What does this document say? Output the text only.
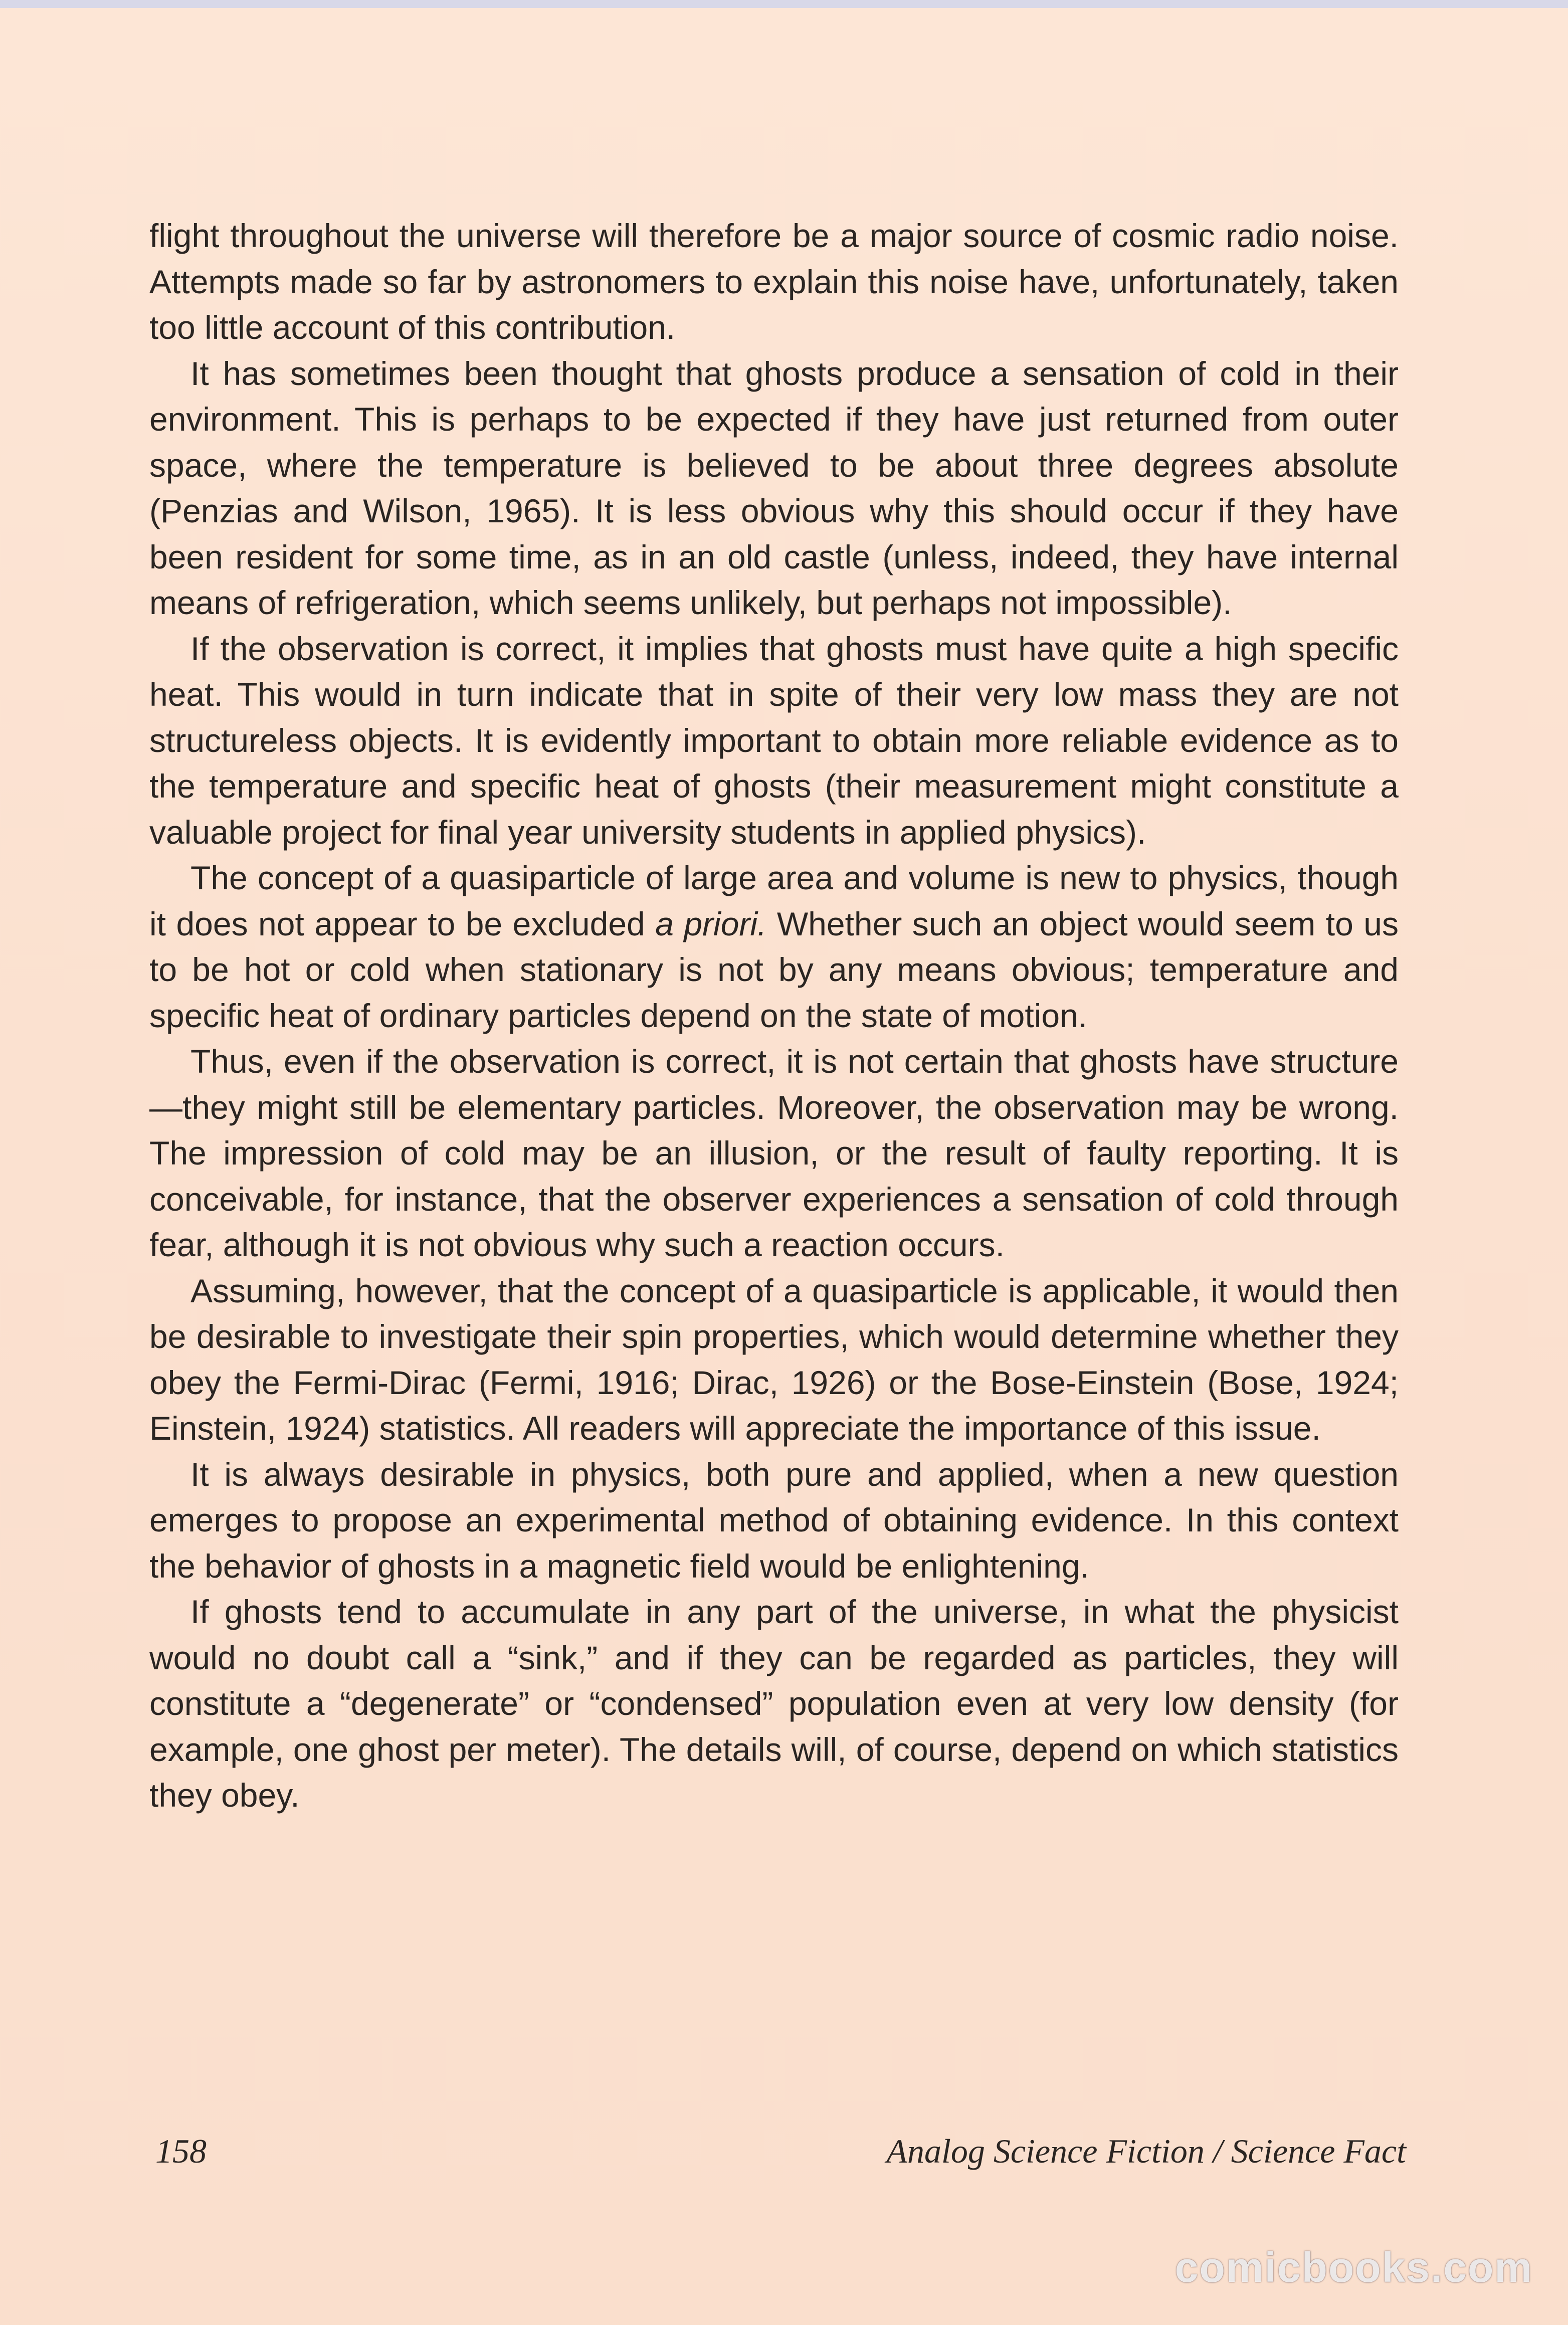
flight throughout the universe will therefore be a major source of cosmic radio noise. Attempts made so far by astronomers to explain this noise have, unfortunately, taken too little account of this contribution.

It has sometimes been thought that ghosts produce a sensation of cold in their environment. This is perhaps to be expected if they have just returned from outer space, where the temperature is believed to be about three degrees absolute (Penzias and Wilson, 1965). It is less obvious why this should occur if they have been resident for some time, as in an old castle (unless, indeed, they have internal means of refrigeration, which seems unlikely, but perhaps not impossible).

If the observation is correct, it implies that ghosts must have quite a high specific heat. This would in turn indicate that in spite of their very low mass they are not structureless objects. It is evidently important to obtain more reliable evidence as to the temperature and specific heat of ghosts (their measurement might constitute a valuable project for final year university students in applied physics).

The concept of a quasiparticle of large area and volume is new to physics, though it does not appear to be excluded a priori. Whether such an object would seem to us to be hot or cold when stationary is not by any means obvious; temperature and specific heat of ordinary particles depend on the state of motion.

Thus, even if the observation is correct, it is not certain that ghosts have structure—they might still be elementary particles. Moreover, the observation may be wrong. The impression of cold may be an illusion, or the result of faulty reporting. It is conceivable, for instance, that the observer experiences a sensation of cold through fear, although it is not obvious why such a reaction occurs.

Assuming, however, that the concept of a quasiparticle is applicable, it would then be desirable to investigate their spin properties, which would determine whether they obey the Fermi-Dirac (Fermi, 1916; Dirac, 1926) or the Bose-Einstein (Bose, 1924; Einstein, 1924) statistics. All readers will appreciate the importance of this issue.

It is always desirable in physics, both pure and applied, when a new question emerges to propose an experimental method of obtaining evidence. In this context the behavior of ghosts in a magnetic field would be enlightening.

If ghosts tend to accumulate in any part of the universe, in what the physicist would no doubt call a “sink,” and if they can be regarded as particles, they will constitute a “degenerate” or “condensed” population even at very low density (for example, one ghost per meter). The details will, of course, depend on which statistics they obey.

158	Analog Science Fiction / Science Fact
comicbooks.com
